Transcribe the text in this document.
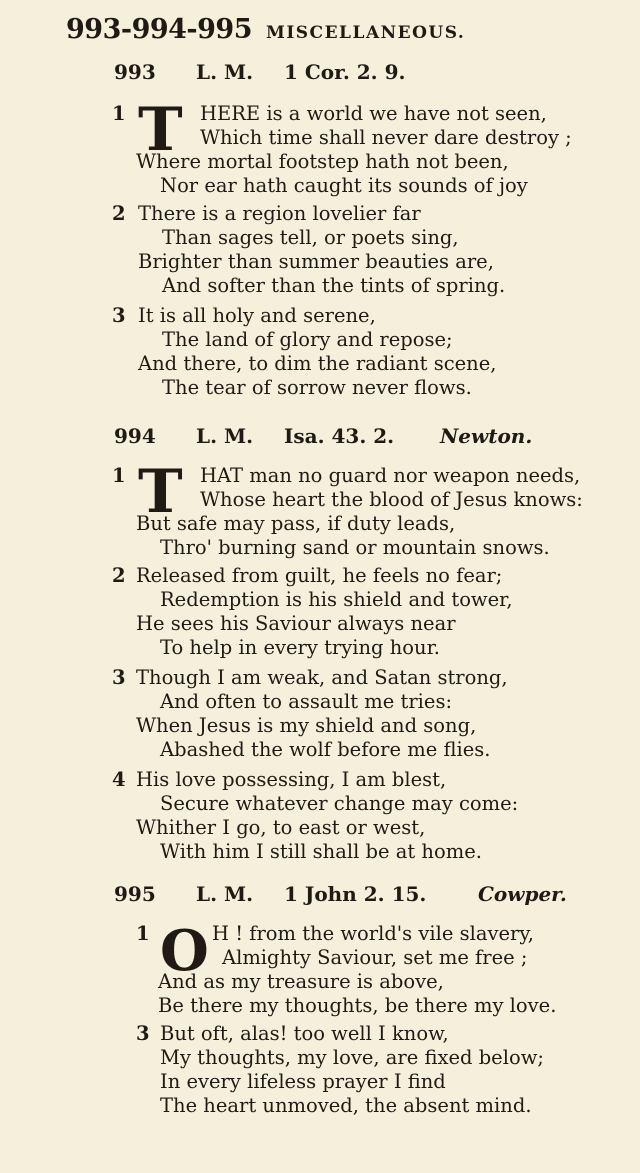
993-994-995 MISCELLANEOUS.
993 L. M. 1 Cor. 2. 9.
T
1	HERE is a world we have not seen,
Which time shall never dare destroy ;
Where mortal footstep hath not been,
Nor ear hath caught its sounds of joy
2 There is a region lovelier far
Than sages tell, or poets sing,
Brighter than summer beauties are,
And softer than the tints of spring.
3 It is all holy and serene,
The land of glory and repose;
And there, to dim the radiant scene,
The tear of sorrow never flows.
994 L. M. Isa. 43. 2. Newton.
T
1	HAT man no guard nor weapon needs,
Whose heart the blood of Jesus knows:
But safe may pass, if duty leads,
Thro' burning sand or mountain snows.
2 Released from guilt, he feels no fear;
Redemption is his shield and tower,
He sees his Saviour always near
To help in every trying hour.
3 Though I am weak, and Satan strong,
And often to assault me tries:
When Jesus is my shield and song,
Abashed the wolf before me flies.
4 His love possessing, I am blest,
Secure whatever change may come:
Whither I go, to east or west,
With him I still shall be at home.
995 L. M. 1 John 2. 15.	Cowper.
O
1	H ! from the world's vile slavery,
Almighty Saviour, set me free ;
And as my treasure is above,
Be there my thoughts, be there my love.
3 But oft, alas! too well I know,
My thoughts, my love, are fixed below;
In every lifeless prayer I find
The heart unmoved, the absent mind.
